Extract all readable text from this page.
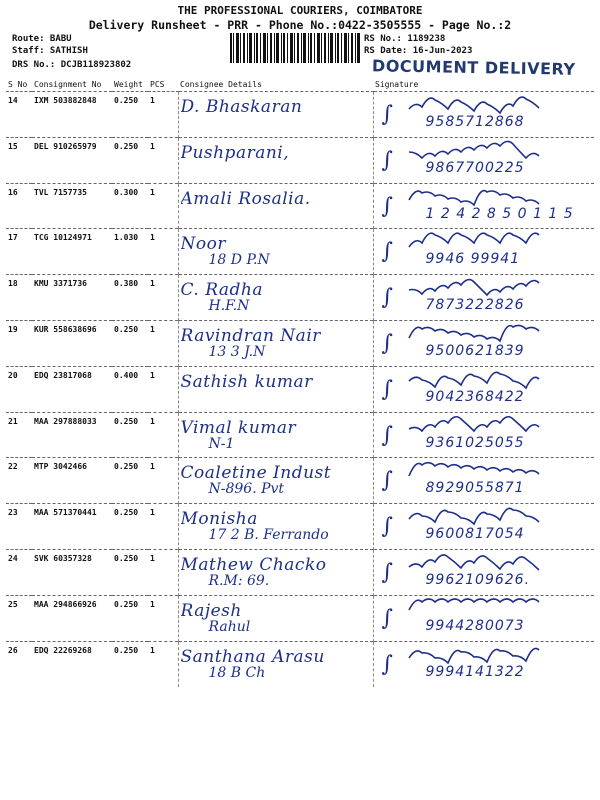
THE PROFESSIONAL COURIERS, COIMBATORE
Delivery Runsheet - PRR - Phone No.:0422-3505555 - Page No.:2
Route: BABU
Staff: SATHISH
DRS No.: DCJB118923802
RS No.: 1189238
RS Date: 16-Jun-2023
DOCUMENT DELIVERY
S No	Consignment No	Weight	PCS	Consignee Details	Signature
14	IXM 503882848	0.250	1	D. Bhaskaran	∫ 9585712868

15	DEL 910265979	0.250	1	Pushparani,	∫ 9867700225

16	TVL 7157735	0.300	1	Amali Rosalia.	∫ 1 2 4 2 8 5 0 1 1 5

17	TCG 10124971	1.030	1	Noor
18 D P.N	∫ 9946 99941

18	KMU 3371736	0.380	1	C. Radha
H.F.N	∫ 7873222826

19	KUR 558638696	0.250	1	Ravindran Nair
13 3 J.N	∫ 9500621839

20	EDQ 23817068	0.400	1	Sathish kumar	∫ 9042368422

21	MAA 297888033	0.250	1	Vimal kumar
N-1	∫ 9361025055

22	MTP 3042466	0.250	1	Coaletine Indust
N-896. Pvt	∫ 8929055871

23	MAA 571370441	0.250	1	Monisha
17 2 B. Ferrando	∫ 9600817054

24	SVK 60357328	0.250	1	Mathew Chacko
R.M: 69.	∫ 9962109626.

25	MAA 294866926	0.250	1	Rajesh
Rahul	∫ 9944280073

26	EDQ 22269268	0.250	1	Santhana Arasu
18 B Ch	∫ 9994141322
